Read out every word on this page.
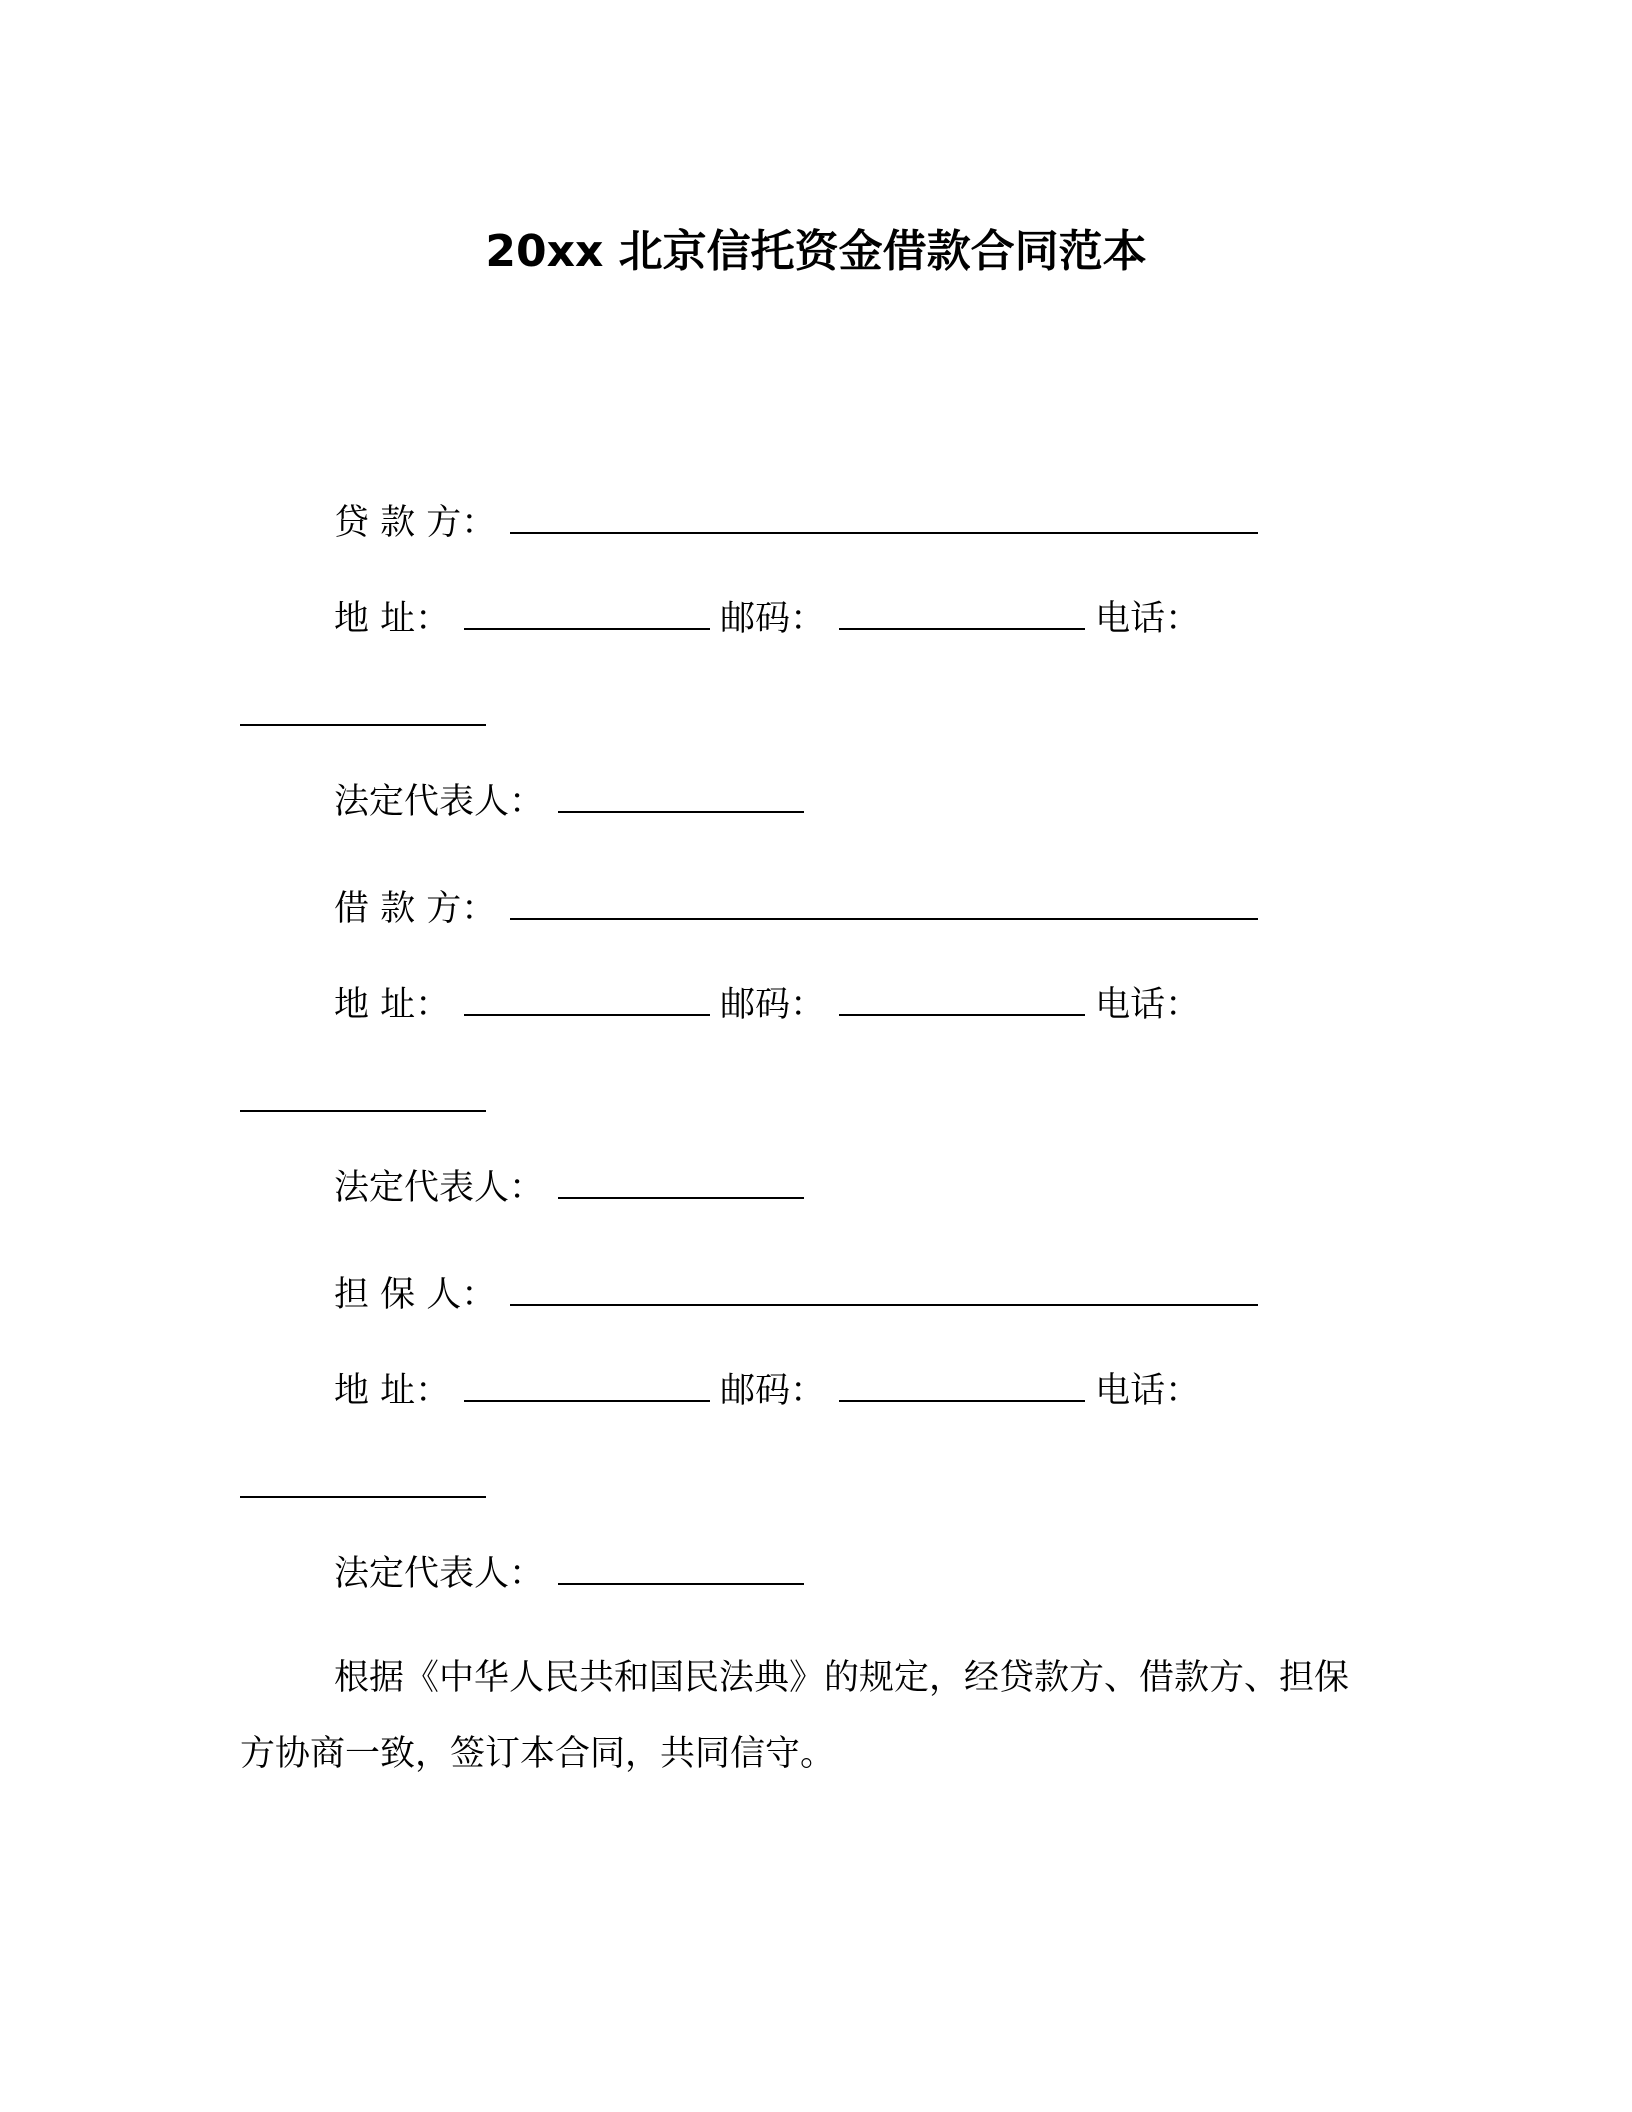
20xx 北京信托资金借款合同范本
贷 款 方：
地 址：	邮码：	电话：
法定代表人：
借 款 方：
地 址：	邮码：	电话：
法定代表人：
担 保 人：
地 址：	邮码：	电话：
法定代表人：
根据《中华人民共和国民法典》的规定，经贷款方、借款方、担保方协商一致，签订本合同，共同信守。
